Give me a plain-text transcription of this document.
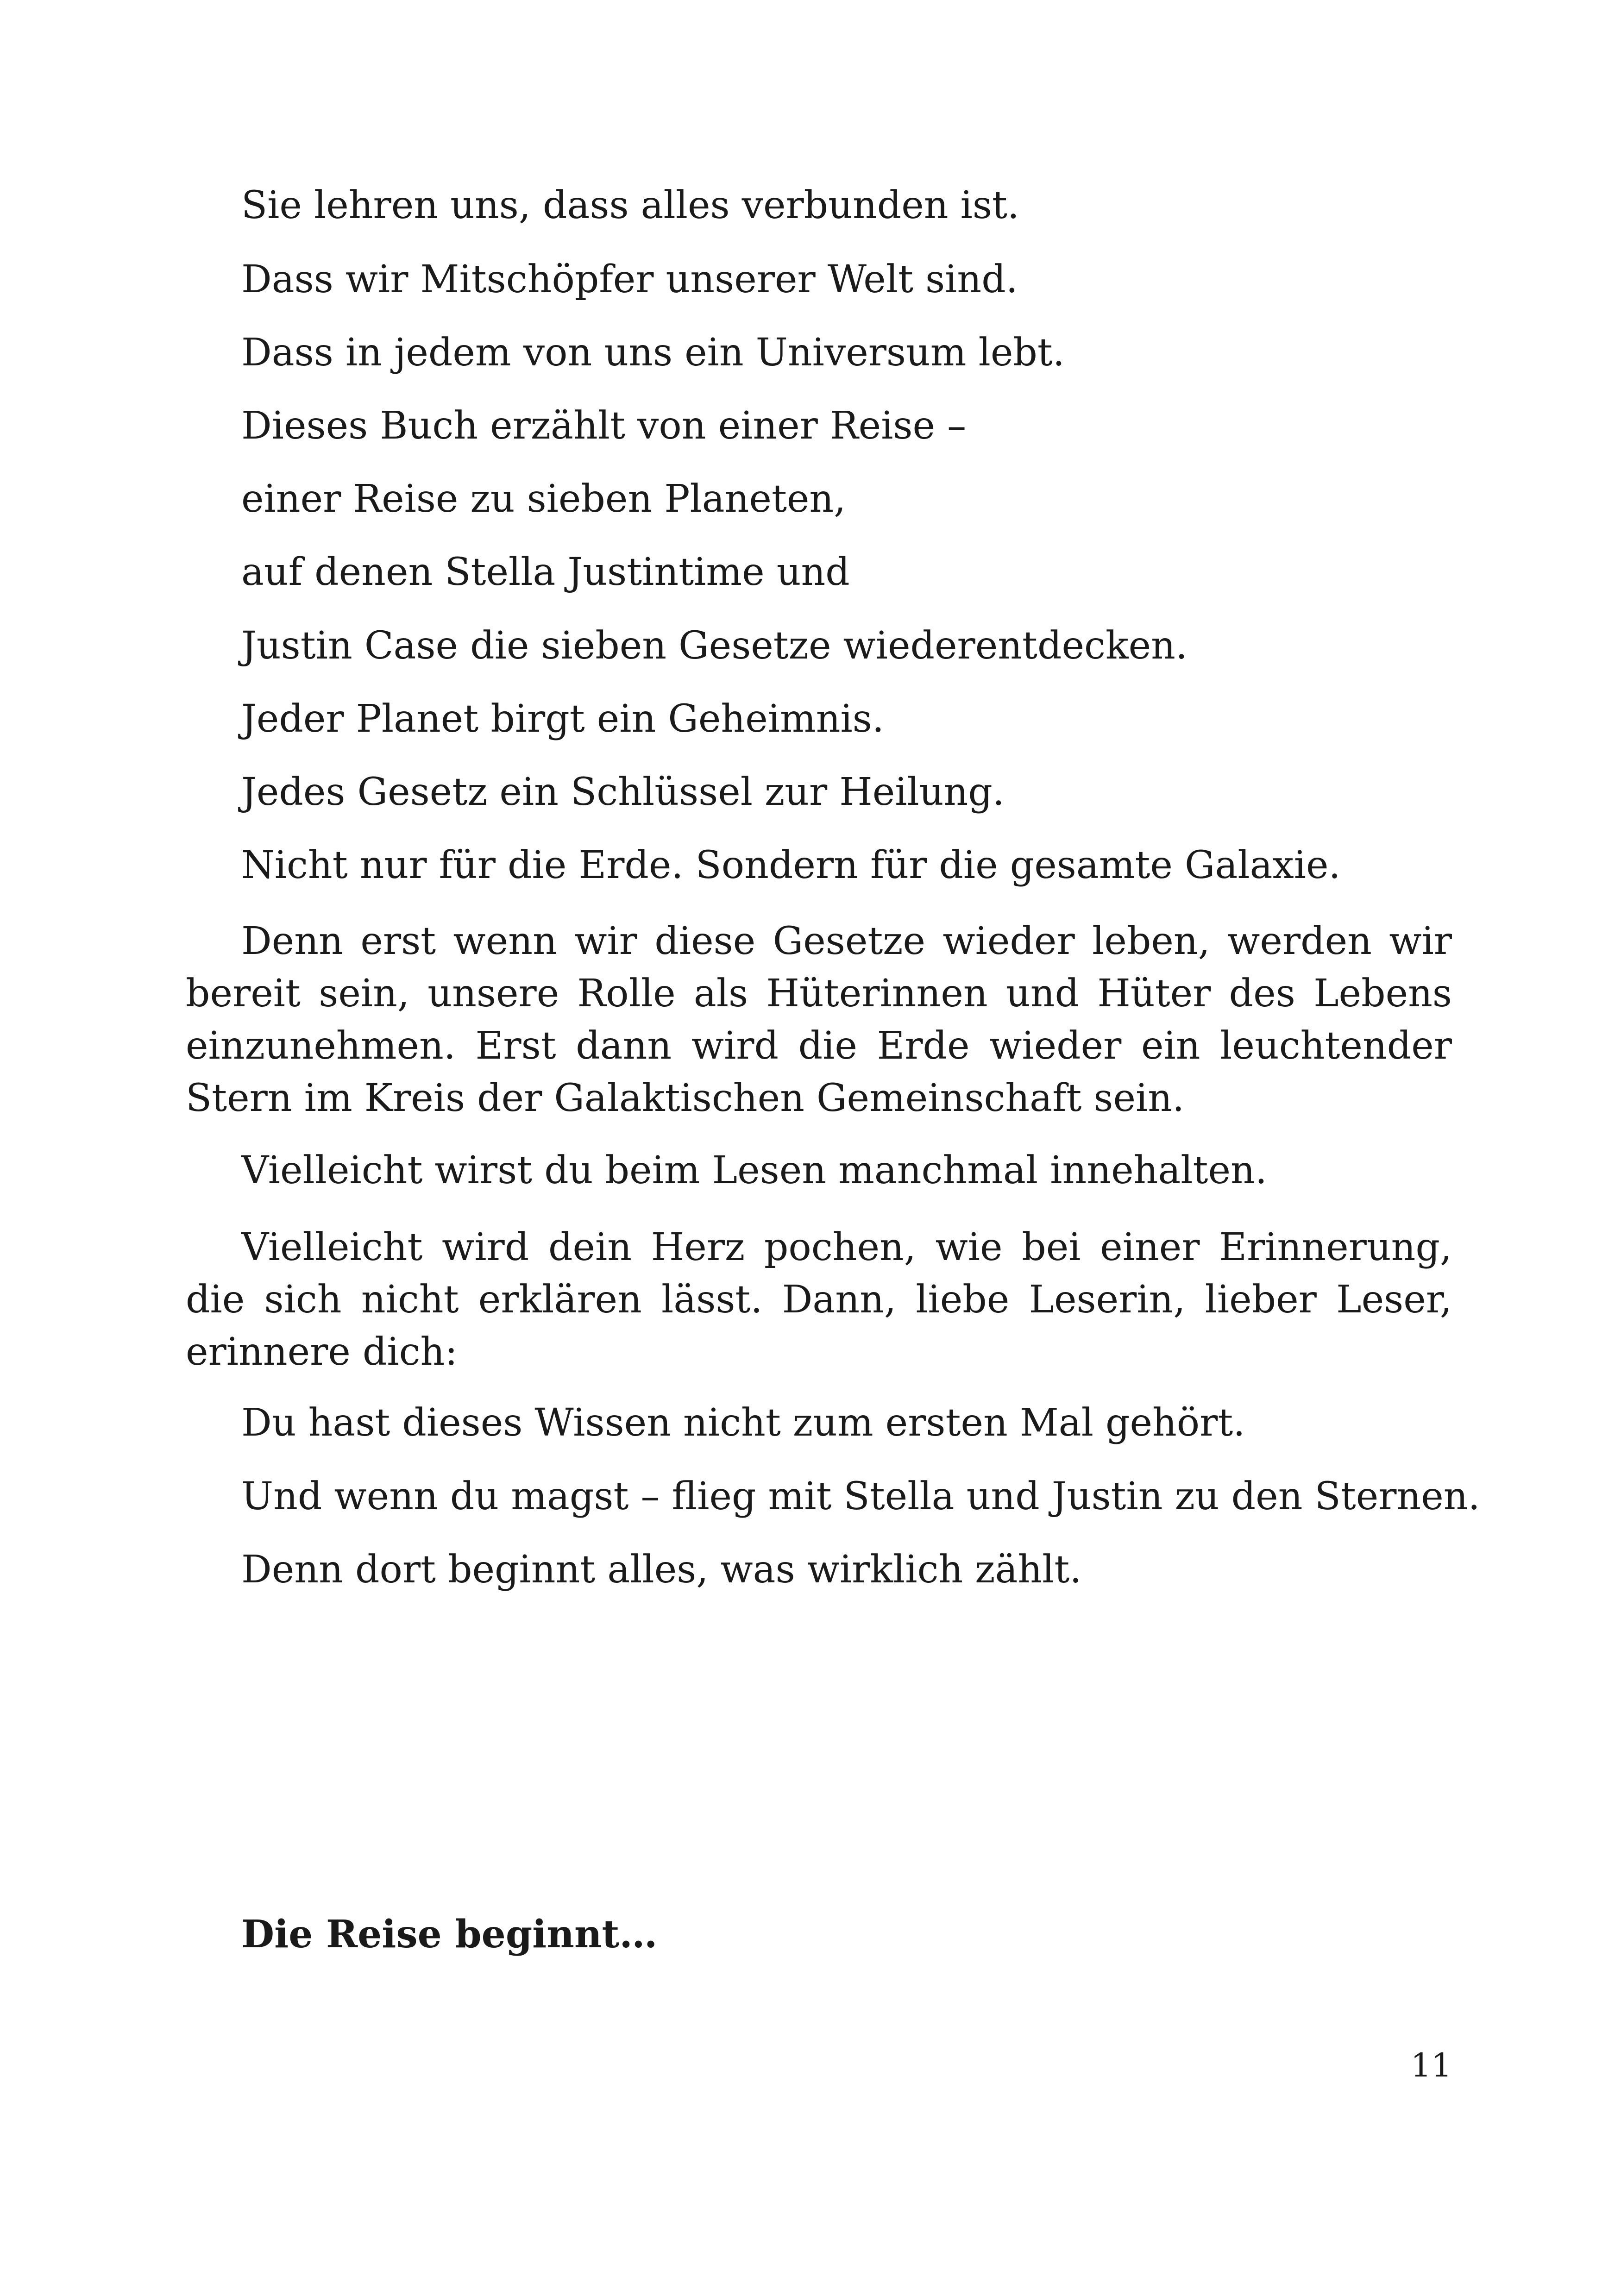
Sie lehren uns, dass alles verbunden ist.
Dass wir Mitschöpfer unserer Welt sind.
Dass in jedem von uns ein Universum lebt.
Dieses Buch erzählt von einer Reise –
einer Reise zu sieben Planeten,
auf denen Stella Justintime und
Justin Case die sieben Gesetze wiederentdecken.
Jeder Planet birgt ein Geheimnis.
Jedes Gesetz ein Schlüssel zur Heilung.
Nicht nur für die Erde. Sondern für die gesamte Galaxie.
Denn erst wenn wir diese Gesetze wieder leben, werden wir bereit sein, unsere Rolle als Hüterinnen und Hüter des Lebens einzunehmen. Erst dann wird die Erde wieder ein leuchtender Stern im Kreis der Galaktischen Gemeinschaft sein.
Vielleicht wirst du beim Lesen manchmal innehalten.
Vielleicht wird dein Herz pochen, wie bei einer Erinnerung, die sich nicht erklären lässt. Dann, liebe Leserin, lieber Leser, erinnere dich:
Du hast dieses Wissen nicht zum ersten Mal gehört.
Und wenn du magst – flieg mit Stella und Justin zu den Sternen.
Denn dort beginnt alles, was wirklich zählt.
Die Reise beginnt…
11
